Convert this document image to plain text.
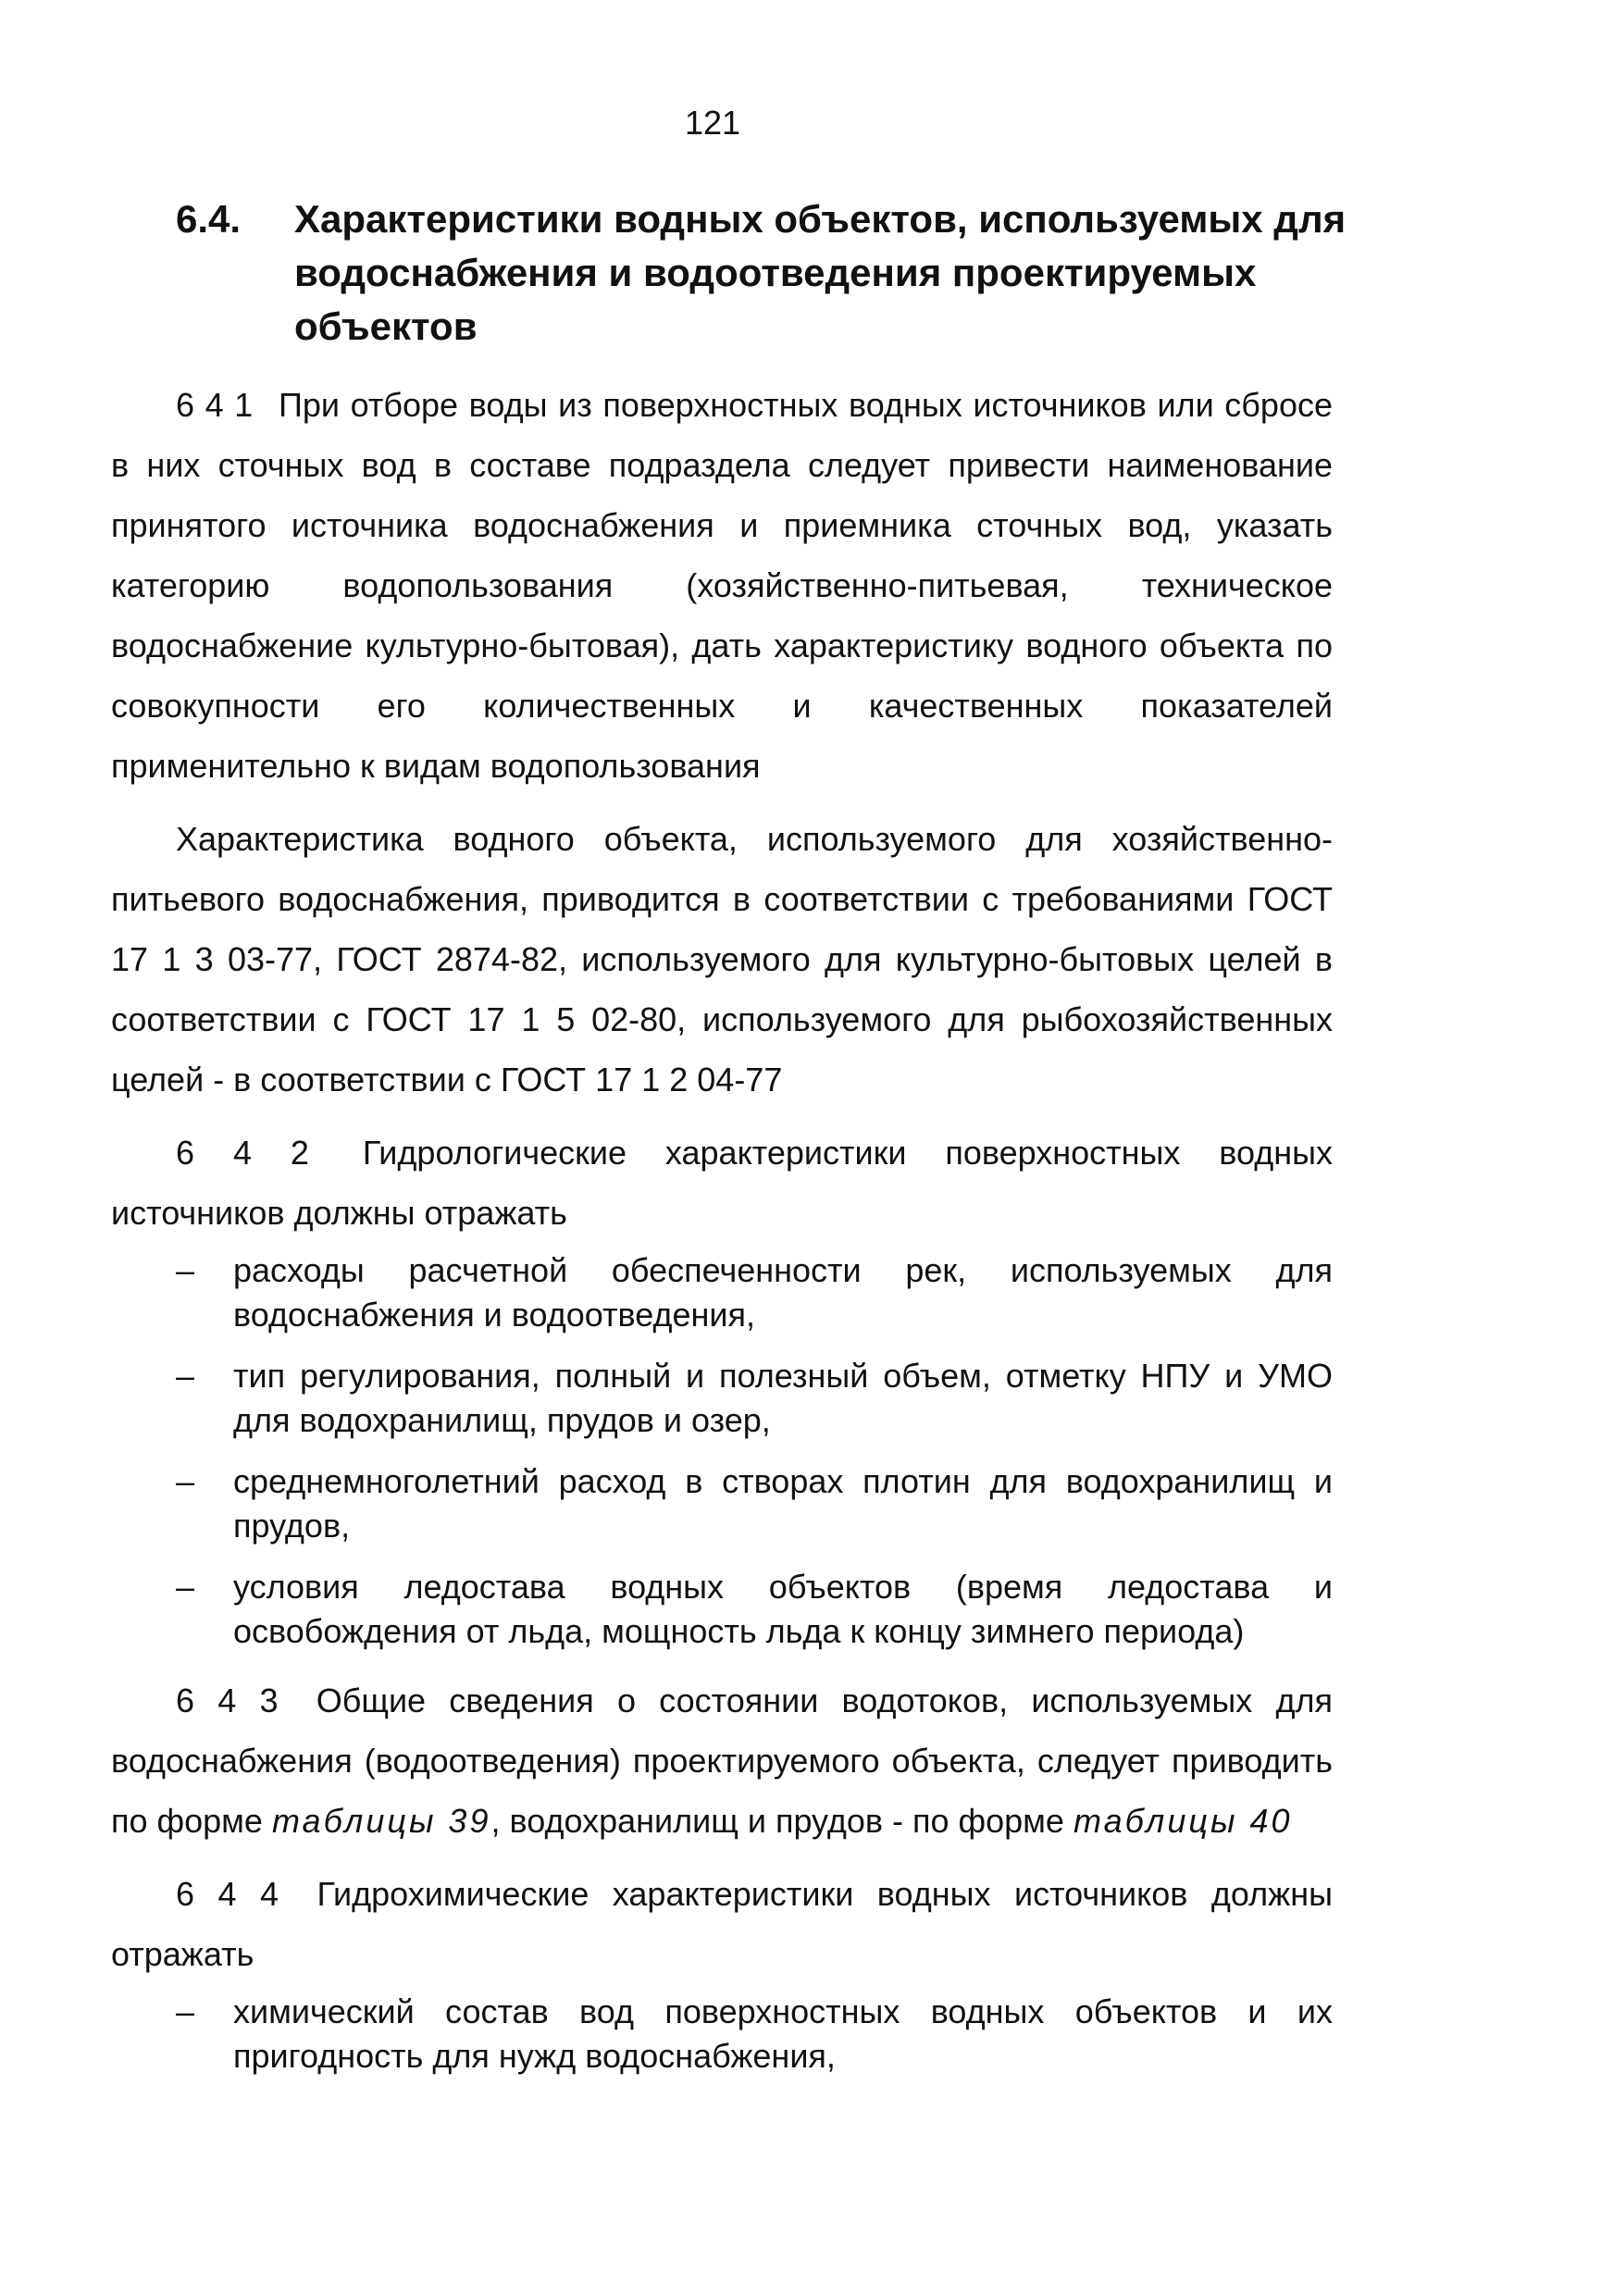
121
6.4. Характеристики водных объектов, используемых для водоснабжения и водоотведения проектируемых объектов

6 4 1 При отборе воды из поверхностных водных источников или сбросе в них сточных вод в составе подраздела следует привести наименование принятого источника водоснабжения и приемника сточных вод, указать категорию водопользования (хозяйственно-питьевая, техническое водоснабжение культурно-бытовая), дать характеристику водного объекта по совокупности его количественных и качественных показателей применительно к видам водопользования

Характеристика водного объекта, используемого для хозяйственно-питьевого водоснабжения, приводится в соответствии с требованиями ГОСТ 17 1 3 03-77, ГОСТ 2874-82, используемого для культурно-бытовых целей в соответствии с ГОСТ 17 1 5 02-80, используемого для рыбохозяйственных целей - в соответствии с ГОСТ 17 1 2 04-77

6 4 2 Гидрологические характеристики поверхностных водных источников должны отражать

– расходы расчетной обеспеченности рек, используемых для водоснабжения и водоотведения,
– тип регулирования, полный и полезный объем, отметку НПУ и УМО для водохранилищ, прудов и озер,
– среднемноголетний расход в створах плотин для водохранилищ и прудов,
– условия ледостава водных объектов (время ледостава и освобождения от льда, мощность льда к концу зимнего периода)

6 4 3 Общие сведения о состоянии водотоков, используемых для водоснабжения (водоотведения) проектируемого объекта, следует приводить по форме таблицы 39, водохранилищ и прудов - по форме таблицы 40

6 4 4 Гидрохимические характеристики водных источников должны отражать

– химический состав вод поверхностных водных объектов и их пригодность для нужд водоснабжения,
